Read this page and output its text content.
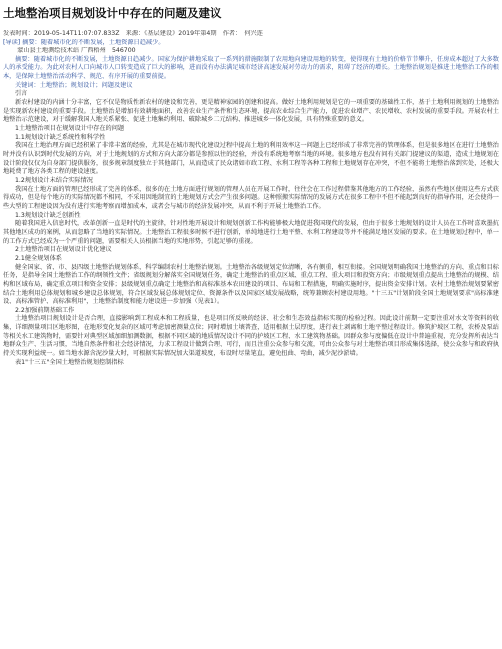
土地整治项目规划设计中存在的问题及建议
发表时间：2019-05-14T11:07:07.833Z　来源：《基层建设》2019年第4期　作者：　何兴连
[导读] 摘要：随着城市化的不断发展，土地资源日趋减少。
　蒙山县土地测绘技术站 广西梧州　546700

摘要：随着城市化的不断发展，土地资源日趋减少。国家为保护耕地采取了一系列的措施限制了农用地向建设用地的转变，使得现有土地的价格节节攀升，任房成本超过了大多数人的承受能力。为此对农村人口向城市人口转变造成了巨大的影响，进而没有办法满足城市经济高速发展对劳动力的需求，阻碍了经济的增长。土地整治规划是推进土地整治工作的根本，是保障土地整治活动科学、规范、有序开展的重要前提。

关键词：土地整治；规划设计；问题及建议
引言

新农村建设的内涵十分丰富，它不仅是物质性新农村的建设和完善，更是精神家园的创建和提高。做好土地利用规划是它的一项重要的基础性工作，基于土地利用规划的土地整治是实现新农村建设的重要手段。土地整治是增加有效耕地面积，改善农业生产条件和生态环境，提高农业综合生产能力，促进农业增产、农民增收、农村发展的重要手段。开展农村土地整治示范建设，对于缓解我国人地关系紧张、促进土地集约利用、破除城乡二元结构、推进城乡一体化发展，具有特殊重要的意义。

1土地整治项目在规划设计中存在的问题
1.1规划设计缺乏系统性和科学性

我国在土地治理方面已经积累了非常丰富的经验，尤其是在城市现代化建设过程中提高土地的利用效率这一问题上已经形成了非常完善的管理体系，但是很多地区在进行土地整治时并没有认识到时代发展的方向，对于土地规划的方式和方向大部分都是参照以往的经验，并没有系统地考察当地的环境。很多地方也没有问有关部门提建议的渠道，造成土地规划在设计阶段仅仅为自身部门提供服务，很多规章制度独立于其他部门，从而造成了民众诸如市政工程、水利工程等各种工程和土地规划存在冲突，不但不能将土地整治落到实处，还极大地耗费了地方各类工程的建设速度。

1.2规划设计未结合实际情况

我国在土地方面的管理已经形成了完善的体系，很多的在土地方面进行规划的管理人员在开展工作时，往往会在工作过程借鉴其他地方的工作经验，虽然有些地区使用这些方式获得成功，但是每个地方的实际情况都不相同，不采用因地制宜的土地规划方式会产生很多问题。这种照搬实际情况的发展方式在很多工程中不但不能起到良好的指导作用，还会使得一些大型的工程建设因为没有进行实地考察而增加成本，或者会与城市的经济发展冲突，从而不利于开展土地整治工作。

1.3规划设计缺乏创新性

随着我国进入信息时代，改革创新一直是时代的主旋律，针对性地开展设计和规划创新工作构能够极大地促进我国现代的发展，但由于很多土地规划的设计人员在工作时喜欢墨抗其他地区成功的案例，从而忽略了当地的实际情况。土地整治工程很多时候不进行创新，单纯地进行土地平整、水利工程建设等并不能满足地区发展的要求。在土地规划过程中，单一的工作方式已经成为一个严重的问题，需要相关人员根据当地的实地形势，引起足够的重视。

2土地整治项目在规划设计优化建议
2.1健全规划体系

健全国家、省、市、县四级土地整治规划体系，科学编制农村土地整治规划。土地整治各级规划定位清晰，各有侧重，相互衔接。全国规划明确我国土地整治的方向、重点和目标任务，是指导全国土地整治工作的纲领性文件；省级规划分解落实全国规划任务，确定土地整治的重点区域、重点工程、重大项目和投资方向；市级规划重点提出土地整治的规模、结构和区域布局，确定重点项目和资金安排；县级规划重点确定土地整治和高标准基本农田建设的项目、布局和工程措施，明确实施时序，提出资金安排计划。农村土地整治规划要紧密结合土地利用总体规划和城乡建设总体规划，符合区域发展总体规划定位、资源条件以及国家区域发展战略，统筹兼顾农村建设用地。"十三五"计划阶段全国土地规划要求"高标准建设、高标准管护、高标准利用"，土地整治制度和能力建设进一步加强（见表1）。

2.2加强前期基础工作

土地整治项目规划设计是否合理，直接影响到工程成本和工程质量，也是项目所反映的经济、社会和生态效益指标实现的检验过程。因此设计前期一定要注重对水文等资料的收集，详细测量项目区地形图，在地形变化复杂的区域可考虑加密测量点位；同时增加土壤普查，适用根据土层厚度，进行表土剥离和土地平整过程设计。修筑护坡区工程，农桥及泵站等相关水工建筑物时，需要针对典型区域加细加测数据，根据不同区域的地质情况设计不同的护坡区工程、水工建筑物基础。因群众参与度偏低在设计中普遍重视，充分发挥所表达当地群众生产、生活习惯，当地自然条件和社会经济情况，力求工程设计做到合理、可行，而且注重公众参与和交流，可由公众参与对土地整治项目形成集体选择，使公众参与和政府执持关实现利益统一。如当地水源含泥沙量大时，可根据实际情况加大渠道坡度，布设时尽量笔直，避免扭曲、弯曲，减少泥沙淤墙。

表1"十三五"全国土地整治规划控制指标
